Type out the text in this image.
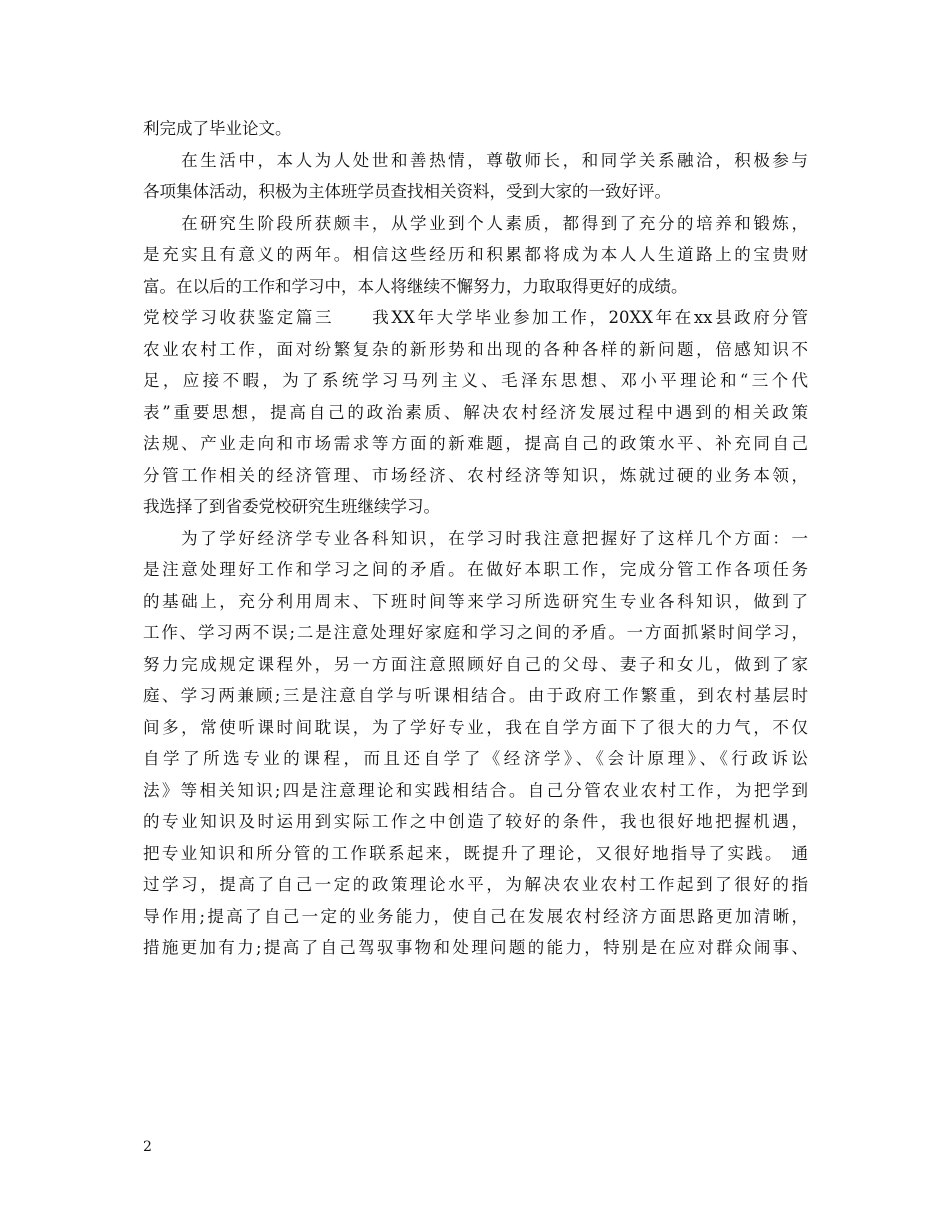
利完成了毕业论文。
　　在生活中，本人为人处世和善热情，尊敬师长，和同学关系融洽，积极参与
各项集体活动，积极为主体班学员查找相关资料，受到大家的一致好评。
　　在研究生阶段所获颇丰，从学业到个人素质，都得到了充分的培养和锻炼，
是充实且有意义的两年。相信这些经历和积累都将成为本人人生道路上的宝贵财
富。在以后的工作和学习中，本人将继续不懈努力，力取取得更好的成绩。
党校学习收获鉴定篇三　　我XX年大学毕业参加工作，20XX年在xx县政府分管
农业农村工作，面对纷繁复杂的新形势和出现的各种各样的新问题，倍感知识不
足，应接不暇，为了系统学习马列主义、毛泽东思想、邓小平理论和“三个代
表”重要思想，提高自己的政治素质、解决农村经济发展过程中遇到的相关政策
法规、产业走向和市场需求等方面的新难题，提高自己的政策水平、补充同自己
分管工作相关的经济管理、市场经济、农村经济等知识，炼就过硬的业务本领，
我选择了到省委党校研究生班继续学习。
　　为了学好经济学专业各科知识，在学习时我注意把握好了这样几个方面：一
是注意处理好工作和学习之间的矛盾。在做好本职工作，完成分管工作各项任务
的基础上，充分利用周末、下班时间等来学习所选研究生专业各科知识，做到了
工作、学习两不误;二是注意处理好家庭和学习之间的矛盾。一方面抓紧时间学习，
努力完成规定课程外，另一方面注意照顾好自己的父母、妻子和女儿，做到了家
庭、学习两兼顾;三是注意自学与听课相结合。由于政府工作繁重，到农村基层时
间多，常使听课时间耽误，为了学好专业，我在自学方面下了很大的力气，不仅
自学了所选专业的课程，而且还自学了《经济学》、《会计原理》、《行政诉讼
法》等相关知识;四是注意理论和实践相结合。自己分管农业农村工作，为把学到
的专业知识及时运用到实际工作之中创造了较好的条件，我也很好地把握机遇，
把专业知识和所分管的工作联系起来，既提升了理论，又很好地指导了实践。 通
过学习，提高了自己一定的政策理论水平，为解决农业农村工作起到了很好的指
导作用;提高了自己一定的业务能力，使自己在发展农村经济方面思路更加清晰，
措施更加有力;提高了自己驾驭事物和处理问题的能力，特别是在应对群众闹事、
2
